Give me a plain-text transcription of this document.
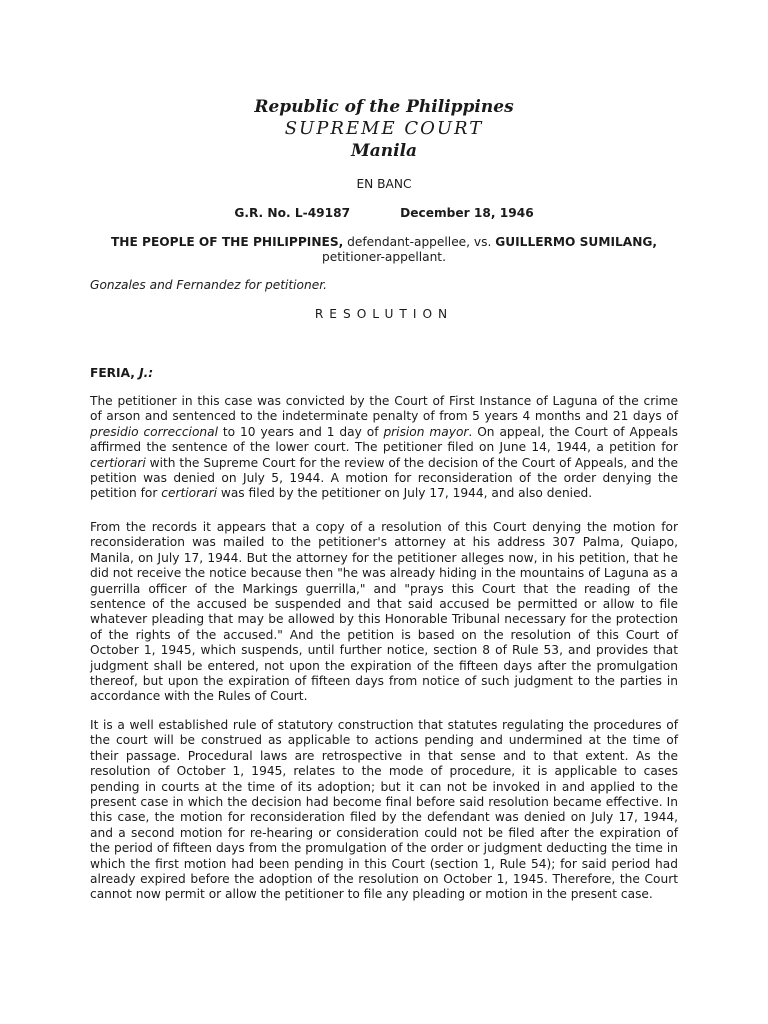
Republic of the Philippines
SUPREME COURT
Manila
EN BANC
G.R. No. L-49187	December 18, 1946
THE PEOPLE OF THE PHILIPPINES, defendant-appellee, vs. GUILLERMO SUMILANG, petitioner-appellant.
Gonzales and Fernandez for petitioner.
RESOLUTION
FERIA, J.:

The petitioner in this case was convicted by the Court of First Instance of Laguna of the crime of arson and sentenced to the indeterminate penalty of from 5 years 4 months and 21 days of presidio correccional to 10 years and 1 day of prision mayor. On appeal, the Court of Appeals affirmed the sentence of the lower court. The petitioner filed on June 14, 1944, a petition for certiorari with the Supreme Court for the review of the decision of the Court of Appeals, and the petition was denied on July 5, 1944. A motion for reconsideration of the order denying the petition for certiorari was filed by the petitioner on July 17, 1944, and also denied.

From the records it appears that a copy of a resolution of this Court denying the motion for reconsideration was mailed to the petitioner's attorney at his address 307 Palma, Quiapo, Manila, on July 17, 1944. But the attorney for the petitioner alleges now, in his petition, that he did not receive the notice because then "he was already hiding in the mountains of Laguna as a guerrilla officer of the Markings guerrilla," and "prays this Court that the reading of the sentence of the accused be suspended and that said accused be permitted or allow to file whatever pleading that may be allowed by this Honorable Tribunal necessary for the protection of the rights of the accused." And the petition is based on the resolution of this Court of October 1, 1945, which suspends, until further notice, section 8 of Rule 53, and provides that judgment shall be entered, not upon the expiration of the fifteen days after the promulgation thereof, but upon the expiration of fifteen days from notice of such judgment to the parties in accordance with the Rules of Court.

It is a well established rule of statutory construction that statutes regulating the procedures of the court will be construed as applicable to actions pending and undermined at the time of their passage. Procedural laws are retrospective in that sense and to that extent. As the resolution of October 1, 1945, relates to the mode of procedure, it is applicable to cases pending in courts at the time of its adoption; but it can not be invoked in and applied to the present case in which the decision had become final before said resolution became effective. In this case, the motion for reconsideration filed by the defendant was denied on July 17, 1944, and a second motion for re-hearing or consideration could not be filed after the expiration of the period of fifteen days from the promulgation of the order or judgment deducting the time in which the first motion had been pending in this Court (section 1, Rule 54); for said period had already expired before the adoption of the resolution on October 1, 1945. Therefore, the Court cannot now permit or allow the petitioner to file any pleading or motion in the present case.
